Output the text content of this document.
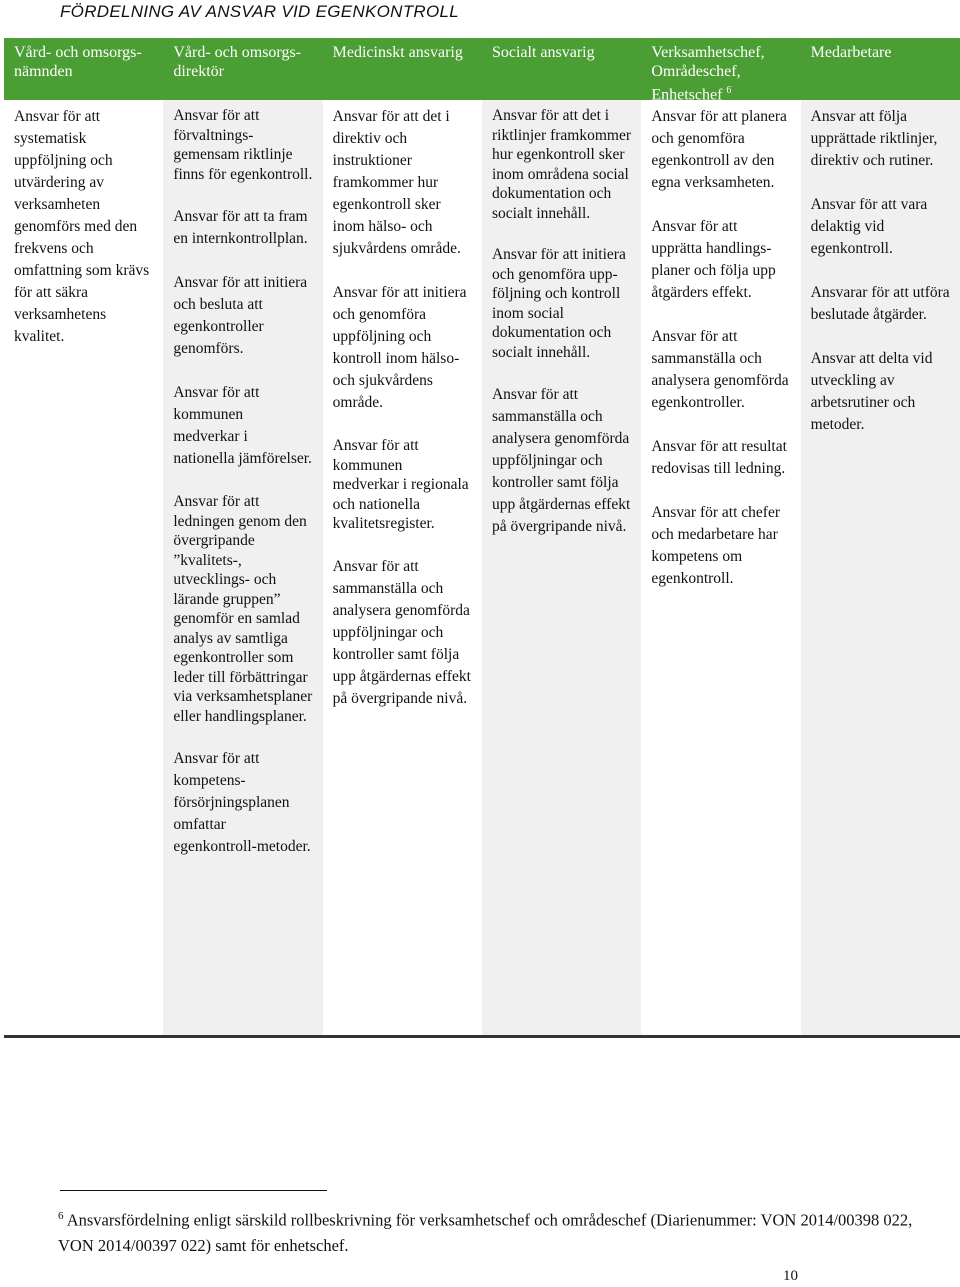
FÖRDELNING AV ANSVAR VID EGENKONTROLL
Vård- och omsorgs-nämnden
Vård- och omsorgs-direktör
Medicinskt ansvarig	Socialt ansvarig	Verksamhetschef, Områdeschef, Enhetschef $^6$
Medarbetare

Ansvar för att systematisk uppföljning och utvärdering av verksamheten genomförs med den frekvens och omfattning som krävs för att säkra verksamhetens kvalitet.

Ansvar för att förvaltnings-gemensam riktlinje finns för egenkontroll.

Ansvar för att ta fram en internkontrollplan.

Ansvar för att initiera och besluta att egenkontroller genomförs.

Ansvar för att kommunen medverkar i nationella jämförelser.

Ansvar för att ledningen genom den övergripande ”kvalitets-, utvecklings- och lärande gruppen” genomför en samlad analys av samtliga egenkontroller som leder till förbättringar via verksamhetsplaner eller handlingsplaner.

Ansvar för att kompetens-försörjningsplanen omfattar egenkontroll-metoder.

Ansvar för att det i direktiv och instruktioner framkommer hur egenkontroll sker inom hälso- och sjukvårdens område.

Ansvar för att initiera och genomföra uppföljning och kontroll inom hälso- och sjukvårdens område.

Ansvar för att kommunen medverkar i regionala och nationella kvalitetsregister.

Ansvar för att sammanställa och analysera genomförda uppföljningar och kontroller samt följa upp åtgärdernas effekt på övergripande nivå.

Ansvar för att det i riktlinjer framkommer hur egenkontroll sker inom områdena social dokumentation och socialt innehåll.

Ansvar för att initiera och genomföra upp-följning och kontroll inom social dokumentation och socialt innehåll.

Ansvar för att sammanställa och analysera genomförda uppföljningar och kontroller samt följa upp åtgärdernas effekt på övergripande nivå.

Ansvar för att planera och genomföra egenkontroll av den egna verksamheten.

Ansvar för att upprätta handlings-planer och följa upp åtgärders effekt.

Ansvar för att sammanställa och analysera genomförda egenkontroller.

Ansvar för att resultat redovisas till ledning.

Ansvar för att chefer och medarbetare har kompetens om egenkontroll.

Ansvar att följa upprättade riktlinjer, direktiv och rutiner.

Ansvar för att vara delaktig vid egenkontroll.

Ansvarar för att utföra beslutade åtgärder.

Ansvar att delta vid utveckling av arbetsrutiner och metoder.

$^6$ Ansvarsfördelning enligt särskild rollbeskrivning för verksamhetschef och områdeschef (Diarienummer: VON 2014/00398 022, VON 2014/00397 022) samt för enhetschef.
10
